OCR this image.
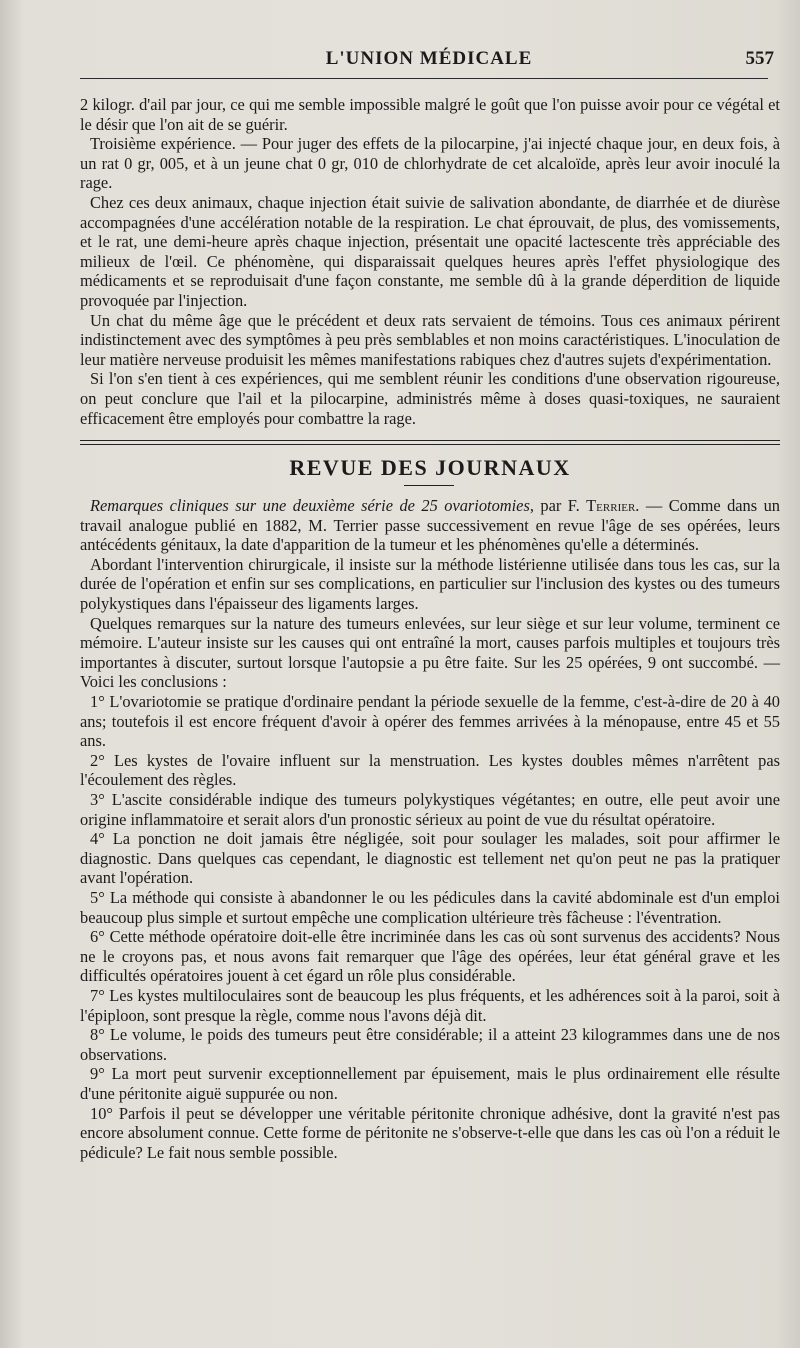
L'UNION MÉDICALE	557

2 kilogr. d'ail par jour, ce qui me semble impossible malgré le goût que l'on puisse avoir pour ce végétal et le désir que l'on ait de se guérir.

Troisième expérience. — Pour juger des effets de la pilocarpine, j'ai injecté chaque jour, en deux fois, à un rat 0 gr, 005, et à un jeune chat 0 gr, 010 de chlorhydrate de cet alcaloïde, après leur avoir inoculé la rage.

Chez ces deux animaux, chaque injection était suivie de salivation abondante, de diarrhée et de diurèse accompagnées d'une accélération notable de la respiration. Le chat éprouvait, de plus, des vomissements, et le rat, une demi-heure après chaque injection, présentait une opacité lactescente très appréciable des milieux de l'œil. Ce phénomène, qui disparaissait quelques heures après l'effet physiologique des médicaments et se reproduisait d'une façon constante, me semble dû à la grande déperdition de liquide provoquée par l'injection.

Un chat du même âge que le précédent et deux rats servaient de témoins. Tous ces animaux périrent indistinctement avec des symptômes à peu près semblables et non moins caractéristiques. L'inoculation de leur matière nerveuse produisit les mêmes manifestations rabiques chez d'autres sujets d'expérimentation.

Si l'on s'en tient à ces expériences, qui me semblent réunir les conditions d'une observation rigoureuse, on peut conclure que l'ail et la pilocarpine, administrés même à doses quasi-toxiques, ne sauraient efficacement être employés pour combattre la rage.

REVUE DES JOURNAUX

Remarques cliniques sur une deuxième série de 25 ovariotomies, par F. Terrier. — Comme dans un travail analogue publié en 1882, M. Terrier passe successivement en revue l'âge de ses opérées, leurs antécédents génitaux, la date d'apparition de la tumeur et les phénomènes qu'elle a déterminés.

Abordant l'intervention chirurgicale, il insiste sur la méthode listérienne utilisée dans tous les cas, sur la durée de l'opération et enfin sur ses complications, en particulier sur l'inclusion des kystes ou des tumeurs polykystiques dans l'épaisseur des ligaments larges.

Quelques remarques sur la nature des tumeurs enlevées, sur leur siège et sur leur volume, terminent ce mémoire. L'auteur insiste sur les causes qui ont entraîné la mort, causes parfois multiples et toujours très importantes à discuter, surtout lorsque l'autopsie a pu être faite. Sur les 25 opérées, 9 ont succombé. — Voici les conclusions :

1° L'ovariotomie se pratique d'ordinaire pendant la période sexuelle de la femme, c'est-à-dire de 20 à 40 ans; toutefois il est encore fréquent d'avoir à opérer des femmes arrivées à la ménopause, entre 45 et 55 ans.

2° Les kystes de l'ovaire influent sur la menstruation. Les kystes doubles mêmes n'arrêtent pas l'écoulement des règles.

3° L'ascite considérable indique des tumeurs polykystiques végétantes; en outre, elle peut avoir une origine inflammatoire et serait alors d'un pronostic sérieux au point de vue du résultat opératoire.

4° La ponction ne doit jamais être négligée, soit pour soulager les malades, soit pour affirmer le diagnostic. Dans quelques cas cependant, le diagnostic est tellement net qu'on peut ne pas la pratiquer avant l'opération.

5° La méthode qui consiste à abandonner le ou les pédicules dans la cavité abdominale est d'un emploi beaucoup plus simple et surtout empêche une complication ultérieure très fâcheuse : l'éventration.

6° Cette méthode opératoire doit-elle être incriminée dans les cas où sont survenus des accidents? Nous ne le croyons pas, et nous avons fait remarquer que l'âge des opérées, leur état général grave et les difficultés opératoires jouent à cet égard un rôle plus considérable.

7° Les kystes multiloculaires sont de beaucoup les plus fréquents, et les adhérences soit à la paroi, soit à l'épiploon, sont presque la règle, comme nous l'avons déjà dit.

8° Le volume, le poids des tumeurs peut être considérable; il a atteint 23 kilogrammes dans une de nos observations.

9° La mort peut survenir exceptionnellement par épuisement, mais le plus ordinairement elle résulte d'une péritonite aiguë suppurée ou non.

10° Parfois il peut se développer une véritable péritonite chronique adhésive, dont la gravité n'est pas encore absolument connue. Cette forme de péritonite ne s'observe-t-elle que dans les cas où l'on a réduit le pédicule? Le fait nous semble possible.
